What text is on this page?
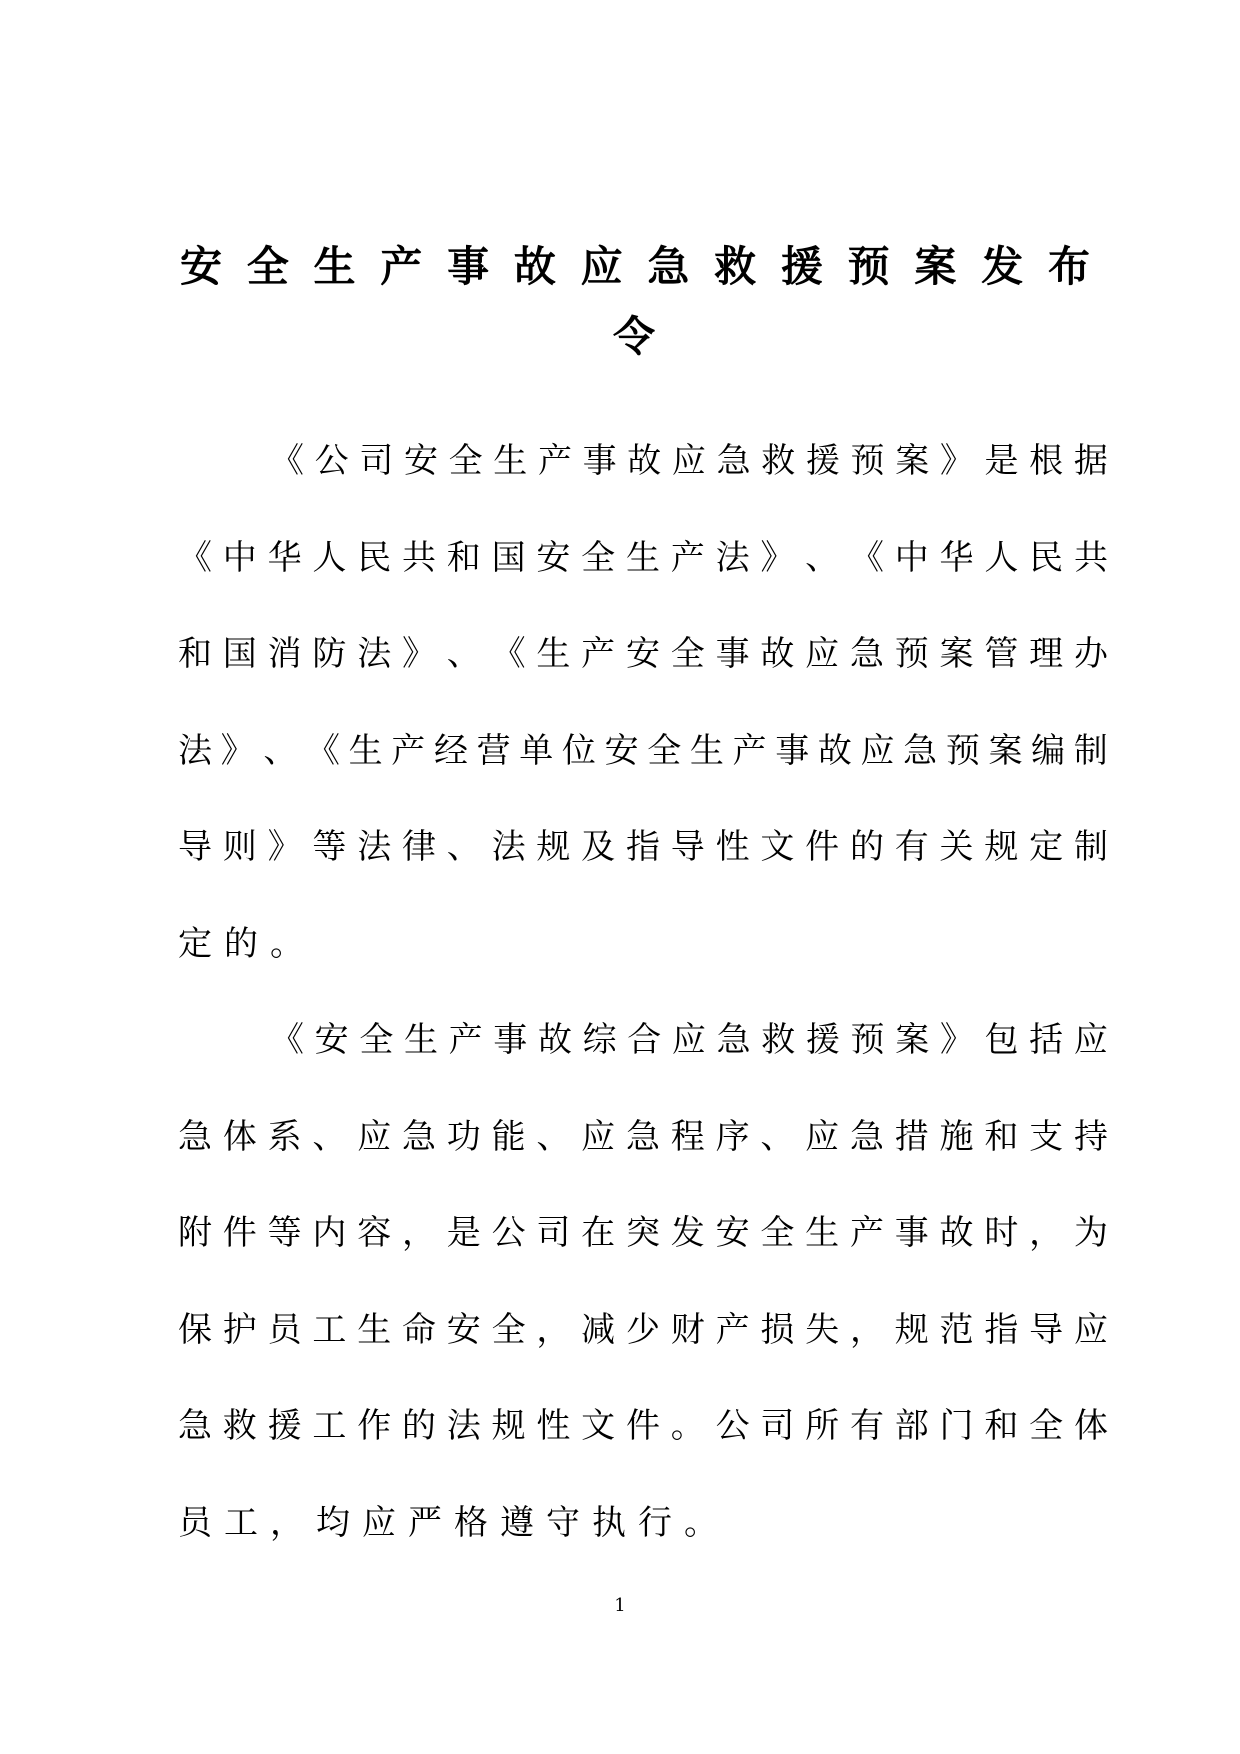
安 全 生 产 事 故 应 急 救 援 预 案 发 布
令
《 公 司 安 全 生 产 事 故 应 急 救 援 预 案 》 是 根 据
《 中 华 人 民 共 和 国 安 全 生 产 法 》 、 《 中 华 人 民 共
和 国 消 防 法 》 、 《 生 产 安 全 事 故 应 急 预 案 管 理 办
法 》 、 《 生 产 经 营 单 位 安 全 生 产 事 故 应 急 预 案 编 制
导 则 》 等 法 律 、 法 规 及 指 导 性 文 件 的 有 关 规 定 制
定 的 。
《 安 全 生 产 事 故 综 合 应 急 救 援 预 案 》 包 括 应
急 体 系 、 应 急 功 能 、 应 急 程 序 、 应 急 措 施 和 支 持
附 件 等 内 容 ， 是 公 司 在 突 发 安 全 生 产 事 故 时 ， 为
保 护 员 工 生 命 安 全 ， 减 少 财 产 损 失 ， 规 范 指 导 应
急 救 援 工 作 的 法 规 性 文 件 。 公 司 所 有 部 门 和 全 体
员 工 ， 均 应 严 格 遵 守 执 行 。
1
